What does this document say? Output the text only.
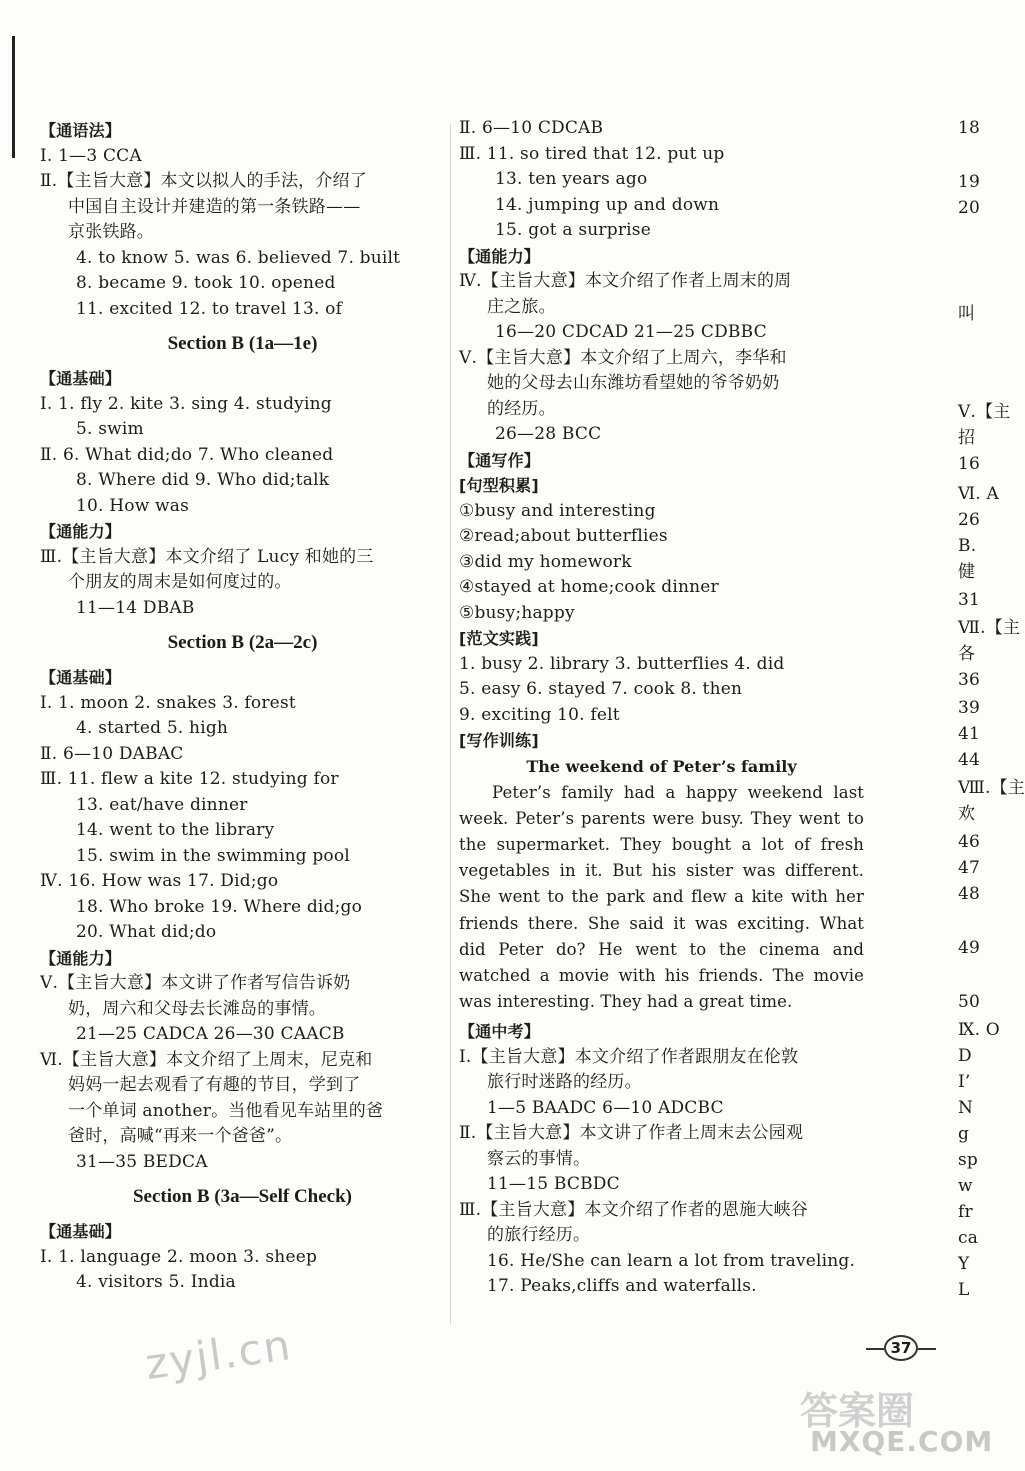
【通语法】
Ⅰ. 1—3 CCA
Ⅱ.【主旨大意】本文以拟人的手法，介绍了
中国自主设计并建造的第一条铁路——
京张铁路。
4. to know 5. was 6. believed 7. built
8. became 9. took 10. opened
11. excited 12. to travel 13. of
Section B (1a—1e)
【通基础】
Ⅰ. 1. fly 2. kite 3. sing 4. studying
5. swim
Ⅱ. 6. What did;do 7. Who cleaned
8. Where did 9. Who did;talk
10. How was
【通能力】
Ⅲ.【主旨大意】本文介绍了 Lucy 和她的三
个朋友的周末是如何度过的。
11—14 DBAB
Section B (2a—2c)
【通基础】
Ⅰ. 1. moon 2. snakes 3. forest
4. started 5. high
Ⅱ. 6—10 DABAC
Ⅲ. 11. flew a kite 12. studying for
13. eat/have dinner
14. went to the library
15. swim in the swimming pool
Ⅳ. 16. How was 17. Did;go
18. Who broke 19. Where did;go
20. What did;do
【通能力】
Ⅴ.【主旨大意】本文讲了作者写信告诉奶
奶，周六和父母去长滩岛的事情。
21—25 CADCA 26—30 CAACB
Ⅵ.【主旨大意】本文介绍了上周末，尼克和
妈妈一起去观看了有趣的节目，学到了
一个单词 another。当他看见车站里的爸
爸时，高喊“再来一个爸爸”。
31—35 BEDCA
Section B (3a—Self Check)
【通基础】
Ⅰ. 1. language 2. moon 3. sheep
4. visitors 5. India
Ⅱ. 6—10 CDCAB
Ⅲ. 11. so tired that 12. put up
13. ten years ago
14. jumping up and down
15. got a surprise
【通能力】
Ⅳ.【主旨大意】本文介绍了作者上周末的周
庄之旅。
16—20 CDCAD 21—25 CDBBC
Ⅴ.【主旨大意】本文介绍了上周六，李华和
她的父母去山东潍坊看望她的爷爷奶奶
的经历。
26—28 BCC
【通写作】
[句型积累]
①busy and interesting
②read;about butterflies
③did my homework
④stayed at home;cook dinner
⑤busy;happy
[范文实践]
1. busy 2. library 3. butterflies 4. did
5. easy 6. stayed 7. cook 8. then
9. exciting 10. felt
[写作训练]
The weekend of Peter’s family

Peter’s family had a happy weekend last week. Peter’s parents were busy. They went to the supermarket. They bought a lot of fresh vegetables in it. But his sister was different. She went to the park and flew a kite with her friends there. She said it was exciting. What did Peter do? He went to the cinema and watched a movie with his friends. The movie was interesting. They had a great time.

【通中考】
Ⅰ.【主旨大意】本文介绍了作者跟朋友在伦敦
旅行时迷路的经历。
1—5 BAADC 6—10 ADCBC
Ⅱ.【主旨大意】本文讲了作者上周末去公园观
察云的事情。
11—15 BCBDC
Ⅲ.【主旨大意】本文介绍了作者的恩施大峡谷
的旅行经历。
16. He/She can learn a lot from traveling.
17. Peaks,cliffs and waterfalls.
18
19
20
叫
Ⅴ.【主
招
16
Ⅵ. A
26
B.
健
31
Ⅶ.【主
各
36
39
41
44
Ⅷ.【主
欢
46
47
48
49
50
Ⅸ. O
D
I’
N
g
sp
w
fr
ca
Y
L
37
zyjl.cn
答案圈
MXQE.COM
